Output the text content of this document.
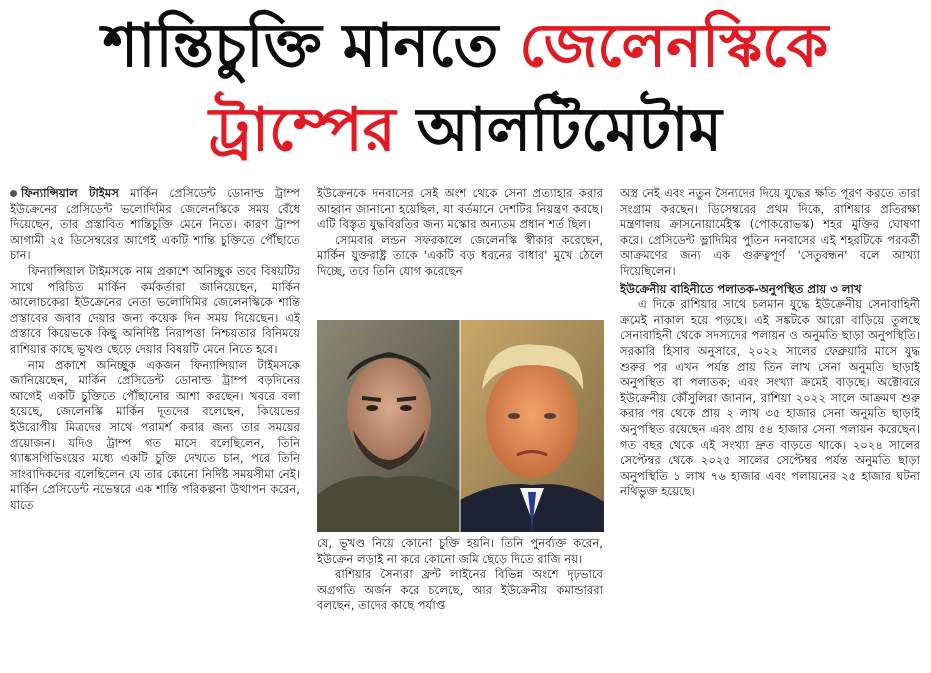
শান্তিচুক্তি মানতে জেলেনস্কিকে
ট্রাম্পের আলটিমেটাম

ফিন্যান্সিয়াল টাইমস মার্কিন প্রেসিডেন্ট ডোনাল্ড ট্রাম্প ইউক্রেনের প্রেসিডেন্ট ভলোদিমির জেলেনস্কিকে সময় বেঁধে দিয়েছেন, তার প্রস্তাবিত শান্তিচুক্তি মেনে নিতে। কারণ ট্রাম্প আগামী ২৫ ডিসেম্বরের আগেই একটি শান্তি চুক্তিতে পৌঁছাতে চান।

ফিন্যান্সিয়াল টাইমসকে নাম প্রকাশে অনিচ্ছুক তবে বিষয়টির সাথে পরিচিত মার্কিন কর্মকর্তারা জানিয়েছেন, মার্কিন আলোচকেরা ইউক্রেনের নেতা ভলোদিমির জেলেনস্কিকে শান্তি প্রস্তাবের জবাব দেয়ার জন্য কয়েক দিন সময় দিয়েছেন। এই প্রস্তাবে কিয়েভকে কিছু অনির্দিষ্ট নিরাপত্তা নিশ্চয়তার বিনিময়ে রাশিয়ার কাছে ভূখণ্ড ছেড়ে দেয়ার বিষয়টি মেনে নিতে হবে।

নাম প্রকাশে অনিচ্ছুক একজন ফিন্যান্সিয়াল টাইমসকে জানিয়েছেন, মার্কিন প্রেসিডেন্ট ডোনাল্ড ট্রাম্প বড়দিনের আগেই একটি চুক্তিতে পৌঁছানোর আশা করছেন। খবরে বলা হয়েছে, জেলেনস্কি মার্কিন দূতদের বলেছেন, কিয়েভের ইউরোপীয় মিত্রদের সাথে পরামর্শ করার জন্য তার সময়ের প্রয়োজন। যদিও ট্রাম্প গত মাসে বলেছিলেন, তিনি থ্যাঙ্কসগিভিংয়ের মধ্যে একটি চুক্তি দেখতে চান, পরে তিনি সাংবাদিকদের বলেছিলেন যে তার কোনো নির্দিষ্ট সময়সীমা নেই। মার্কিন প্রেসিডেন্ট নভেম্বরে এক শান্তি পরিকল্পনা উত্থাপন করেন, যাতে

ইউক্রেনকে দনবাসের সেই অংশ থেকে সেনা প্রত্যাহার করার আহ্বান জানানো হয়েছিল, যা বর্তমানে দেশটির নিয়ন্ত্রণ করছে। এটি বিস্তৃত যুদ্ধবিরতির জন্য মস্কোর অন্যতম প্রধান শর্ত ছিল।

সোমবার লন্ডন সফরকালে জেলেনস্কি স্বীকার করেছেন, মার্কিন যুক্তরাষ্ট্র তাকে 'একটি বড় ধরনের বাধার' মুখে ঠেলে দিচ্ছে, তবে তিনি যোগ করেছেন

যে, ভূখণ্ড নিয়ে কোনো চুক্তি হয়নি। তিনি পুনর্ব্যক্ত করেন, ইউক্রেন লড়াই না করে কোনো জমি ছেড়ে দিতে রাজি নয়।

রাশিয়ার সৈন্যরা ফ্রন্ট লাইনের বিভিন্ন অংশে দৃঢ়ভাবে অগ্রগতি অর্জন করে চলেছে, আর ইউক্রেনীয় কমান্ডাররা বলছেন, তাদের কাছে পর্যাপ্ত

অস্ত্র নেই এবং নতুন সৈন্যদের দিয়ে যুদ্ধের ক্ষতি পূরণ করতে তারা সংগ্রাম করছেন। ডিসেম্বরের প্রথম দিকে, রাশিয়ার প্রতিরক্ষা মন্ত্রণালয় ক্রাসনোয়ার্মেইস্ক (পোকরোভস্ক) শহর মুক্তির ঘোষণা করে। প্রেসিডেন্ট ভ্লাদিমির পুতিন দনবাসের এই শহরটিকে পরবর্তী আক্রমণের জন্য এক গুরুত্বপূর্ণ 'সেতুবন্ধন' বলে আখ্যা দিয়েছিলেন।

ইউক্রেনীয় বাহিনীতে পলাতক-অনুপস্থিত প্রায় ৩ লাখ

এ দিকে রাশিয়ার সাথে চলমান যুদ্ধে ইউক্রেনীয় সেনাবাহিনী ক্রমেই নাকাল হয়ে পড়ছে। এই সঙ্কটকে আরো বাড়িয়ে তুলছে সেনাবাহিনী থেকে সদস্যদের পলায়ন ও অনুমতি ছাড়া অনুপস্থিতি। সরকারি হিসাব অনুসারে, ২০২২ সালের ফেব্রুয়ারি মাসে যুদ্ধ শুরুর পর এখন পর্যন্ত প্রায় তিন লাখ সেনা অনুমতি ছাড়াই অনুপস্থিত বা পলাতক; এবং সংখ্যা ক্রমেই বাড়ছে। অক্টোবরে ইউক্রেনীয় কৌঁসুলিরা জানান, রাশিয়া ২০২২ সালে আক্রমণ শুরু করার পর থেকে প্রায় ২ লাখ ৩৫ হাজার সেনা অনুমতি ছাড়াই অনুপস্থিত রয়েছেন এবং প্রায় ৫৪ হাজার সেনা পলায়ন করেছেন। গত বছর থেকে এই সংখ্যা দ্রুত বাড়তে থাকে। ২০২৪ সালের সেপ্টেম্বর থেকে ২০২৫ সালের সেপ্টেম্বর পর্যন্ত অনুমতি ছাড়া অনুপস্থিতি ১ লাখ ৭৬ হাজার এবং পলায়নের ২৫ হাজার ঘটনা নথিভুক্ত হয়েছে।
